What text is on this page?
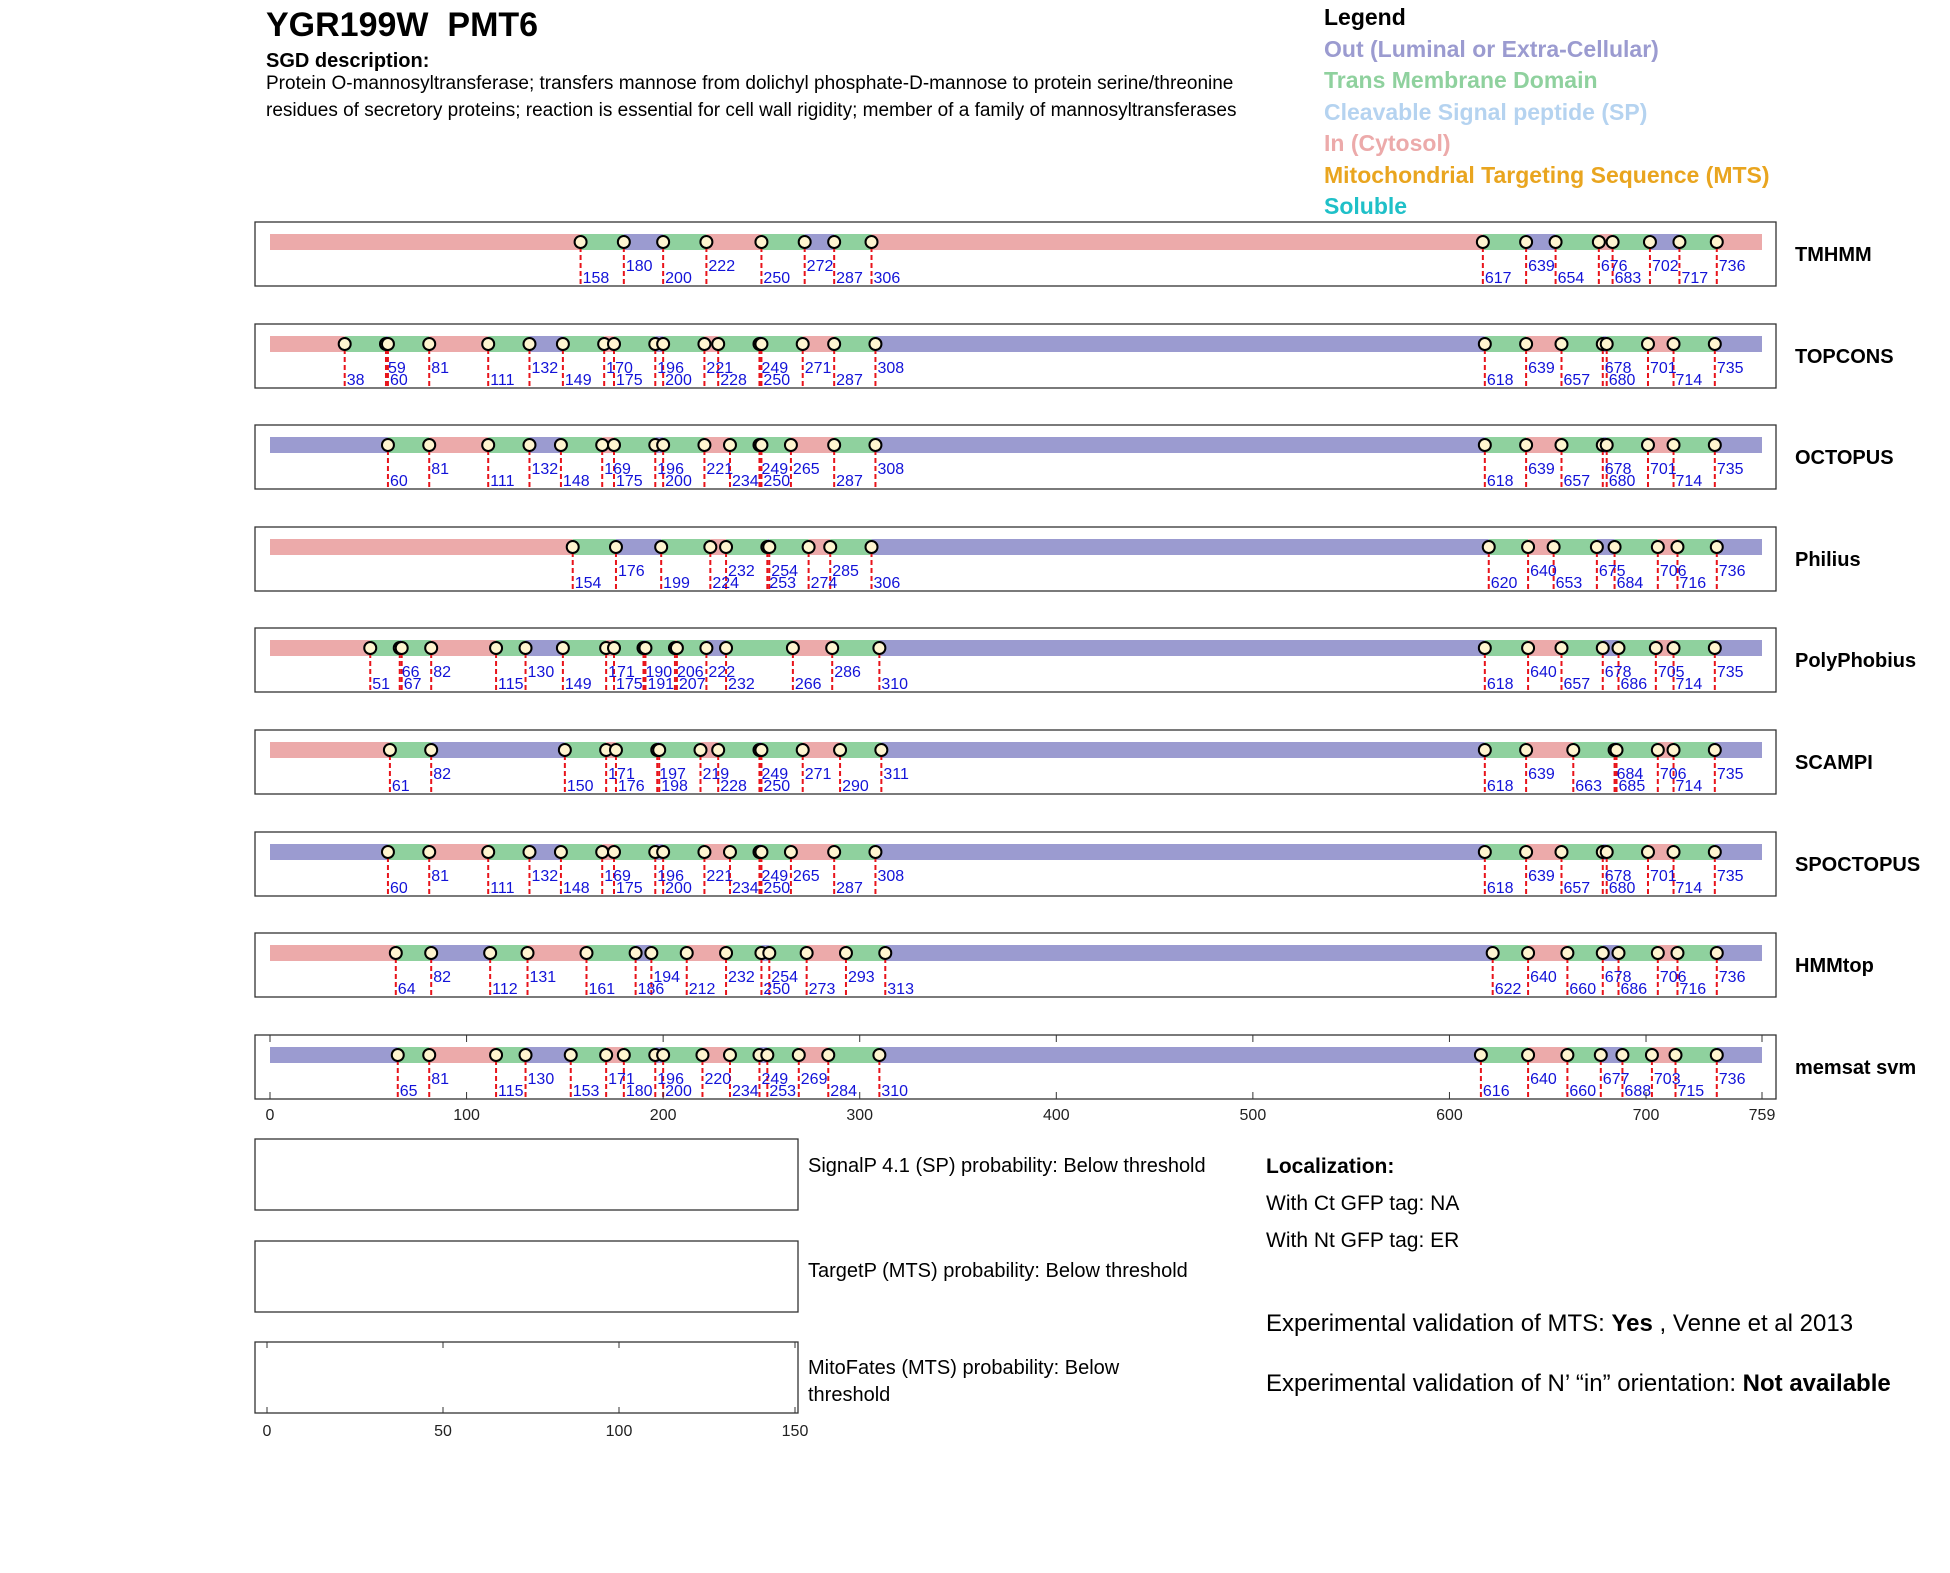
YGR199W PMT6
SGD description:
Protein O-mannosyltransferase; transfers mannose from dolichyl phosphate-D-mannose to protein serine/threonine residues of secretory proteins; reaction is essential for cell wall rigidity; member of a family of mannosyltransferases
Legend
Out (Luminal or Extra-Cellular)
Trans Membrane Domain
Cleavable Signal peptide (SP)
In (Cytosol)
Mitochondrial Targeting Sequence (MTS)
Soluble
180	222	272	639	676 702	736
158	200	250	287 306	617	654 683	717
TMHMM
59 81	132	170 196 221 249 271	308	639	678 701	735
38 60	111	149 175 200 228 250	287	618	657 680	714
TOPCONS
81	132	169 196 221 249 265	308	639	678 701	735
60	111	148 175 200	234 250	287	618	657 680	714
OCTOPUS
176	232 254 285	640	675 706 736
154	199 224 253 274 306	620 653 684 716
Philius
66 82	130	171 190 206 222	286	640	678 705 735
51 67	115	149 175 191 207 232	266	310	618	657 686 714
PolyPhobius
82	171 197 219 249 271	311	639	684 706 735
61	150 176 198 228 250	290	618	663 685 714
SCAMPI
81	132	169 196 221 249 265	308	639	678 701	735
60	111	148 175 200	234 250	287	618	657 680	714
SPOCTOPUS
82	131	194	232 254	293	640	678 706 736
64	112	161 186 212	250 273	313	622	660 686 716
HMMtop
81	130	171 196 220 249 269	640	677 703 736
65	115	153 180 200	234 253 284 310	616	660 688 715
memsat svm
0	100	200	300	400	500	600	700	759
0	50	100	150
SignalP 4.1 (SP) probability: Below threshold
TargetP (MTS) probability: Below threshold
MitoFates (MTS) probability: Below threshold
Localization:
With Ct GFP tag: NA
With Nt GFP tag: ER
Experimental validation of MTS: Yes , Venne et al 2013
Experimental validation of N’ “in” orientation: Not available
